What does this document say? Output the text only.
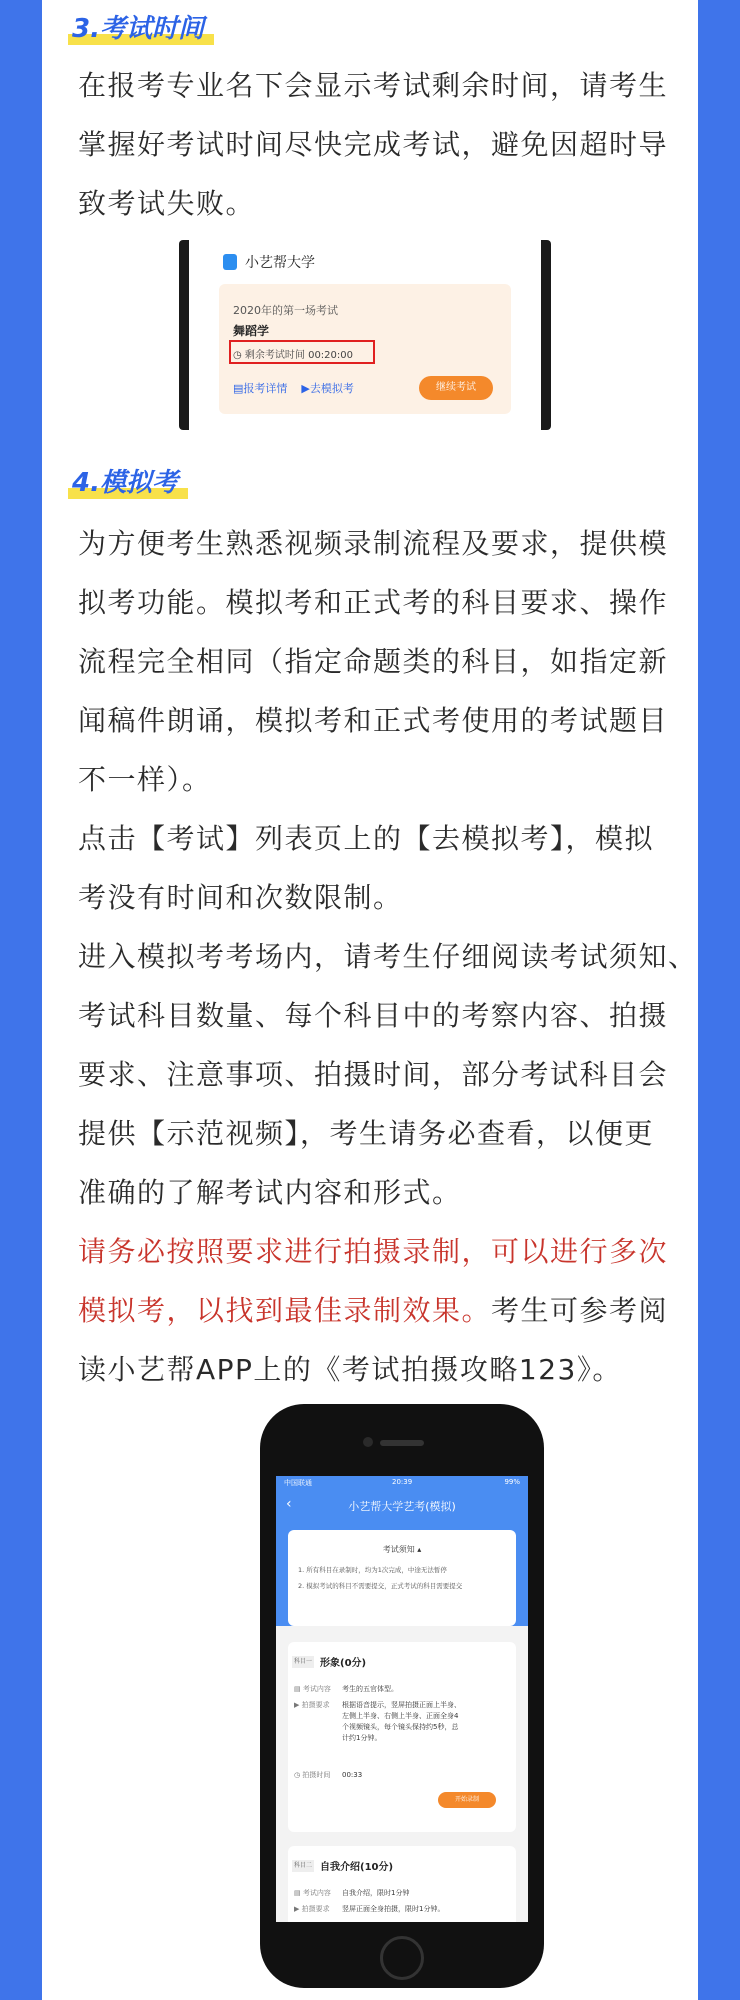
3.考试时间

在报考专业名下会显示考试剩余时间，请考生

掌握好考试时间尽快完成考试，避免因超时导

致考试失败。

小艺帮大学
2020年的第一场考试
舞蹈学
◷ 剩余考试时间 00:20:00
▤报考详情 ▶去模拟考	继续考试
4.模拟考

为方便考生熟悉视频录制流程及要求，提供模

拟考功能。模拟考和正式考的科目要求、操作

流程完全相同（指定命题类的科目，如指定新

闻稿件朗诵，模拟考和正式考使用的考试题目

不一样）。

点击【考试】列表页上的【去模拟考】，模拟

考没有时间和次数限制。

进入模拟考考场内，请考生仔细阅读考试须知、

考试科目数量、每个科目中的考察内容、拍摄

要求、注意事项、拍摄时间，部分考试科目会

提供【示范视频】，考生请务必查看，以便更

准确的了解考试内容和形式。

请务必按照要求进行拍摄录制，可以进行多次

模拟考，以找到最佳录制效果。考生可参考阅

读小艺帮APP上的《考试拍摄攻略123》。

中国联通	20:39	99%
‹	小艺帮大学艺考(模拟)
考试须知 ▴
1. 所有科目在录制时，均为1次完成，中途无法暂停
2. 模拟考试的科目不需要提交，正式考试的科目需要提交
科目一 形象(0分)
▤ 考试内容 考生的五官体型。
▶ 拍摄要求 根据语音提示，竖屏拍摄正面上半身、左侧上半身、右侧上半身、正面全身4个视频镜头，每个镜头保持约5秒，总计约1分钟。
◷ 拍摄时间 00:33
开始录制
科目二 自我介绍(10分)
▤ 考试内容 自我介绍，限时1分钟
▶ 拍摄要求 竖屏正面全身拍摄，限时1分钟。
